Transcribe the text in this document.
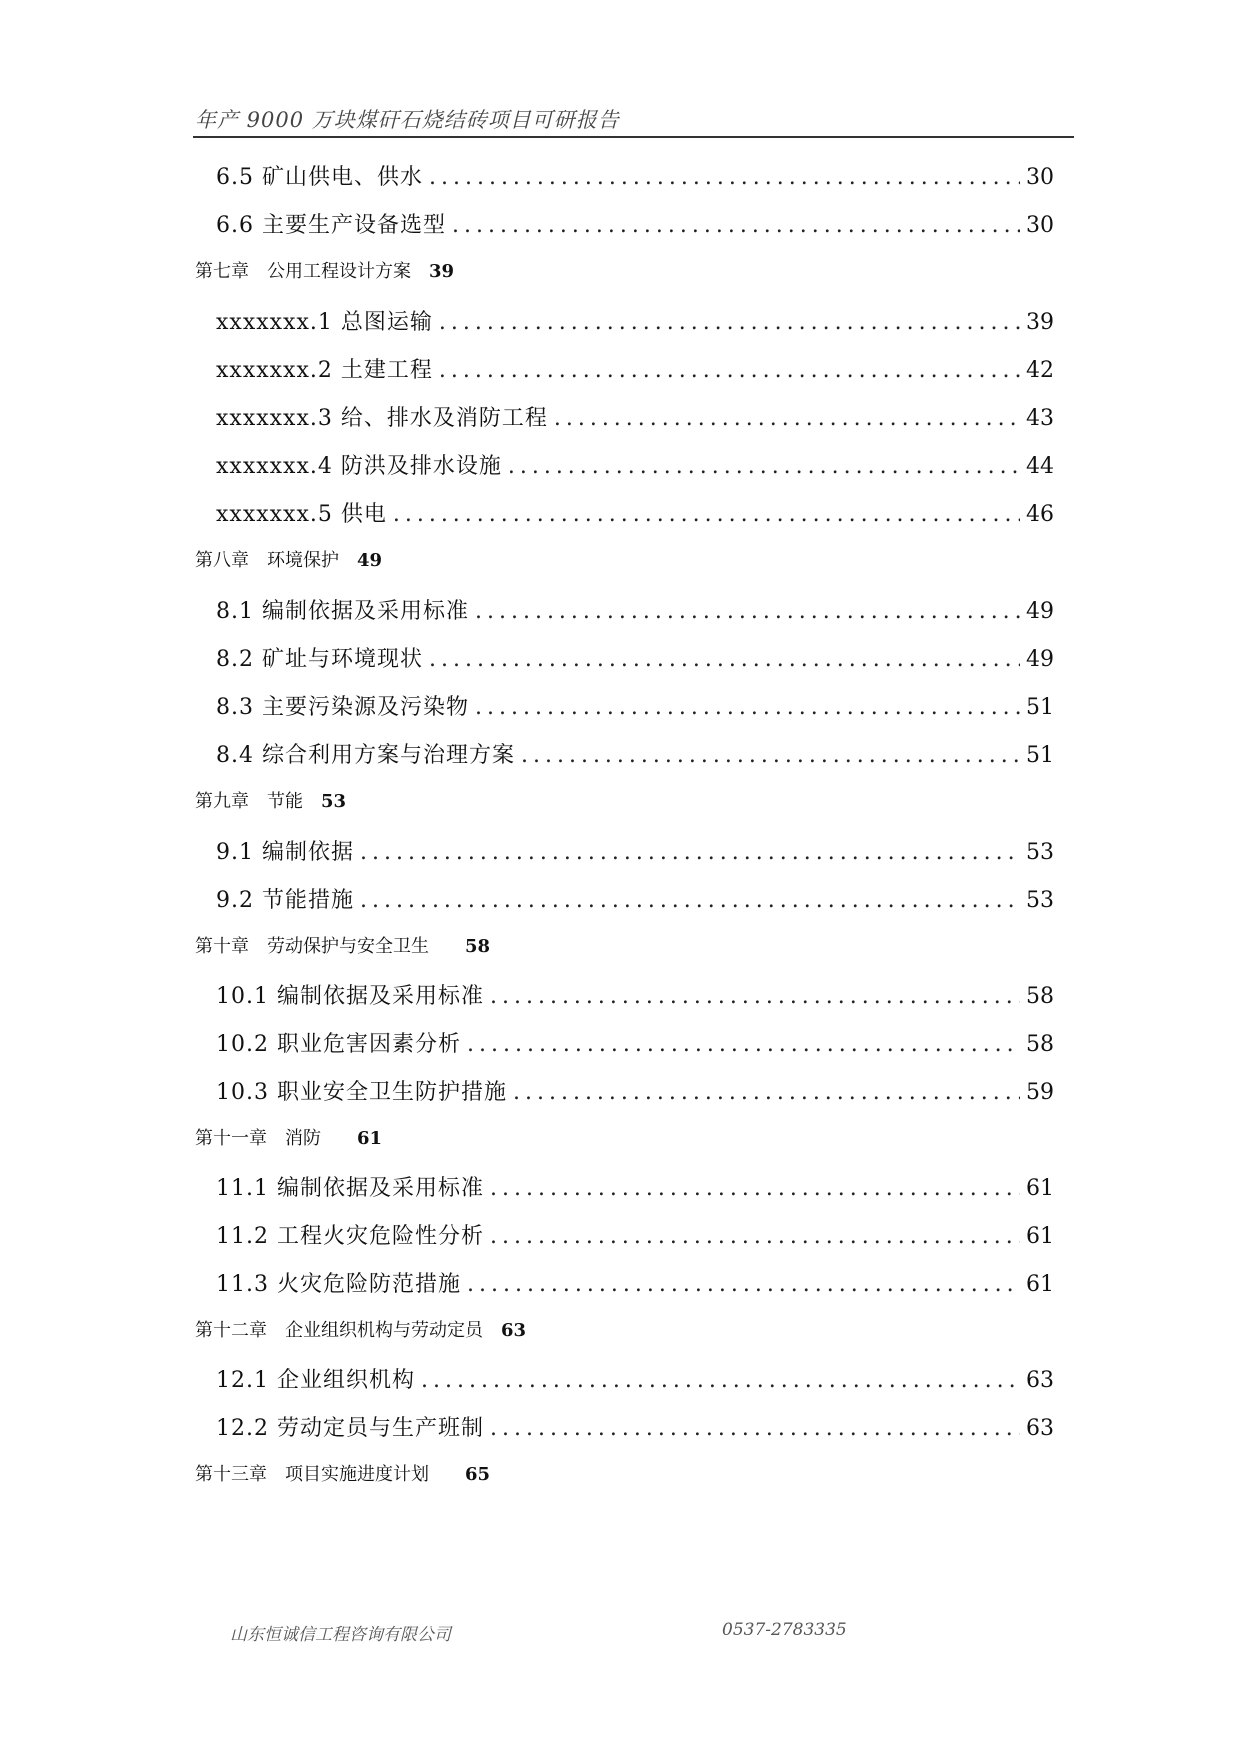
年产 9000 万块煤矸石烧结砖项目可研报告
6.5 矿山供电、供水 .....	30
6.6 主要生产设备选型 .....	30
第七章　公用工程设计方案 39
xxxxxxx.1 总图运输 .....	39
xxxxxxx.2 土建工程 .....	42
xxxxxxx.3 给、排水及消防工程 .....	43
xxxxxxx.4 防洪及排水设施 .....	44
xxxxxxx.5 供电 .....	46
第八章　环境保护 49
8.1 编制依据及采用标准 .....	49
8.2 矿址与环境现状 .....	49
8.3 主要污染源及污染物 .....	51
8.4 综合利用方案与治理方案 .....	51
第九章　节能 53
9.1 编制依据 .....	53
9.2 节能措施 .....	53
第十章　劳动保护与安全卫生 58
10.1 编制依据及采用标准 .....	58
10.2 职业危害因素分析 .....	58
10.3 职业安全卫生防护措施 .....	59
第十一章　消防 61
11.1 编制依据及采用标准 .....	61
11.2 工程火灾危险性分析 .....	61
11.3 火灾危险防范措施 .....	61
第十二章　企业组织机构与劳动定员 63
12.1 企业组织机构 .....	63
12.2 劳动定员与生产班制 .....	63
第十三章　项目实施进度计划 65
山东恒诚信工程咨询有限公司	0537-2783335
